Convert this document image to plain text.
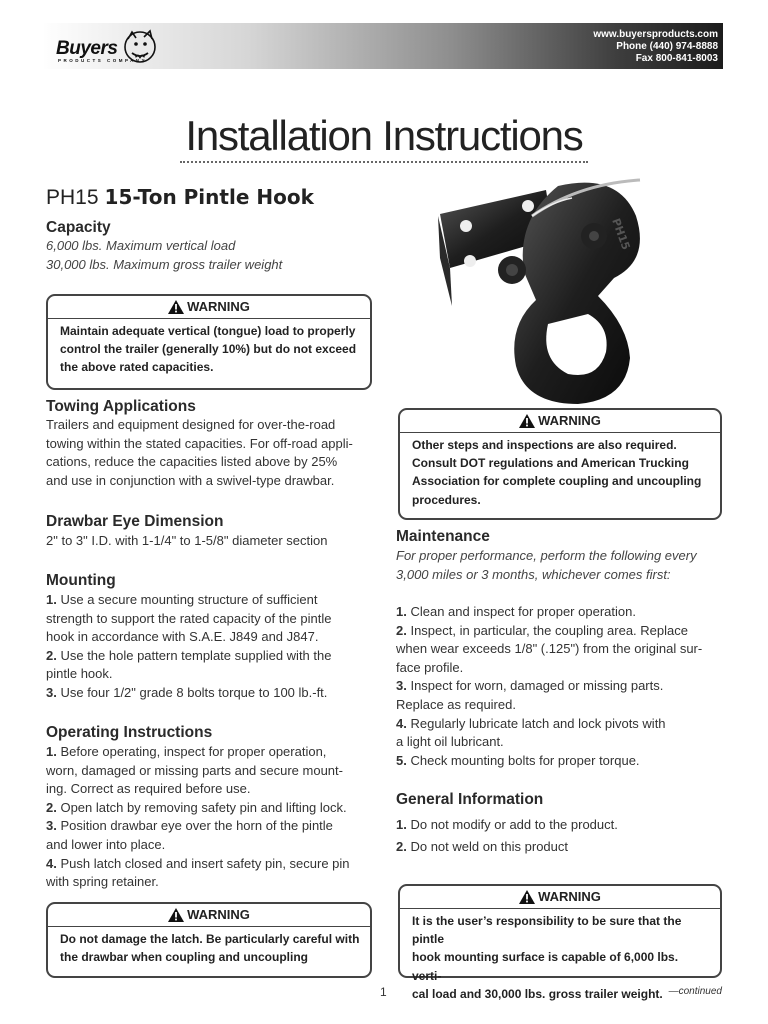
Buyers
PRODUCTS COMPANY
www.buyersproducts.com
Phone (440) 974-8888
Fax 800-841-8003
Installation Instructions
PH15 15-Ton Pintle Hook
PH15
Capacity
6,000 lbs. Maximum vertical load
30,000 lbs. Maximum gross trailer weight
WARNING
Maintain adequate vertical (tongue) load to properly
control the trailer (generally 10%) but do not exceed
the above rated capacities.
Towing Applications
Trailers and equipment designed for over-the-road
towing within the stated capacities. For off-road appli-
cations, reduce the capacities listed above by 25%
and use in conjunction with a swivel-type drawbar.
Drawbar Eye Dimension
2" to 3" I.D. with 1-1/4" to 1-5/8" diameter section
Mounting
1. Use a secure mounting structure of sufficient
strength to support the rated capacity of the pintle
hook in accordance with S.A.E. J849 and J847.
2. Use the hole pattern template supplied with the
pintle hook.
3. Use four 1/2" grade 8 bolts torque to 100 lb.-ft.
Operating Instructions
1. Before operating, inspect for proper operation,
worn, damaged or missing parts and secure mount-
ing. Correct as required before use.
2. Open latch by removing safety pin and lifting lock.
3. Position drawbar eye over the horn of the pintle
and lower into place.
4. Push latch closed and insert safety pin, secure pin
with spring retainer.
WARNING
Do not damage the latch. Be particularly careful with
the drawbar when coupling and uncoupling
WARNING
Other steps and inspections are also required.
Consult DOT regulations and American Trucking
Association for complete coupling and uncoupling
procedures.
Maintenance
For proper performance, perform the following every
3,000 miles or 3 months, whichever comes first:
1. Clean and inspect for proper operation.
2. Inspect, in particular, the coupling area. Replace
when wear exceeds 1/8" (.125") from the original sur-
face profile.
3. Inspect for worn, damaged or missing parts.
Replace as required.
4. Regularly lubricate latch and lock pivots with
a light oil lubricant.
5. Check mounting bolts for proper torque.
General Information
1. Do not modify or add to the product.
2. Do not weld on this product
WARNING
It is the user’s responsibility to be sure that the pintle
hook mounting surface is capable of 6,000 lbs. verti-
cal load and 30,000 lbs. gross trailer weight.
1	—continued
